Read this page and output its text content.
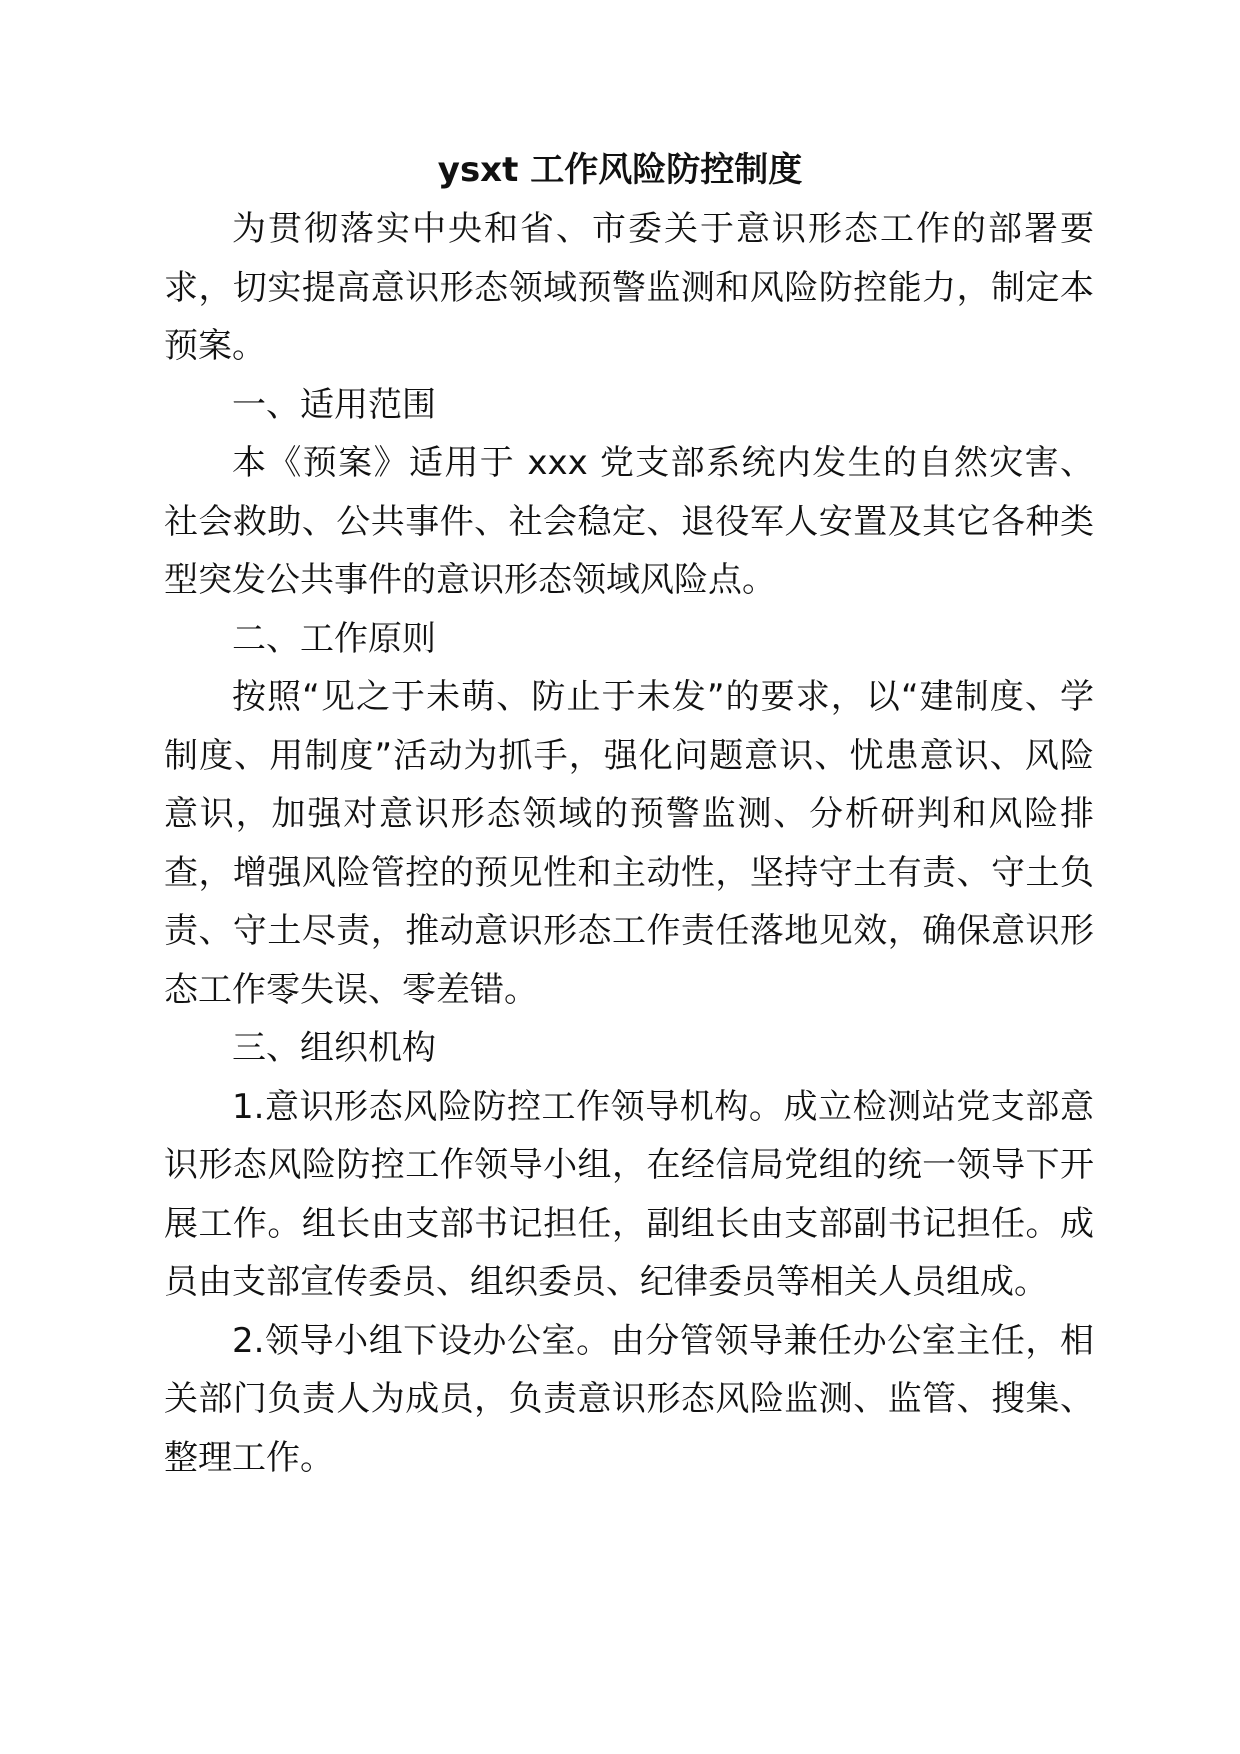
ysxt 工作风险防控制度

为贯彻落实中央和省、市委关于意识形态工作的部署要求，切实提高意识形态领域预警监测和风险防控能力，制定本预案。

一、适用范围

本《预案》适用于 xxx 党支部系统内发生的自然灾害、社会救助、公共事件、社会稳定、退役军人安置及其它各种类型突发公共事件的意识形态领域风险点。

二、工作原则

按照“见之于未萌、防止于未发”的要求，以“建制度、学制度、用制度”活动为抓手，强化问题意识、忧患意识、风险意识，加强对意识形态领域的预警监测、分析研判和风险排查，增强风险管控的预见性和主动性，坚持守土有责、守土负责、守土尽责，推动意识形态工作责任落地见效，确保意识形态工作零失误、零差错。

三、组织机构

1.意识形态风险防控工作领导机构。成立检测站党支部意识形态风险防控工作领导小组，在经信局党组的统一领导下开展工作。组长由支部书记担任，副组长由支部副书记担任。成员由支部宣传委员、组织委员、纪律委员等相关人员组成。

2.领导小组下设办公室。由分管领导兼任办公室主任，相关部门负责人为成员，负责意识形态风险监测、监管、搜集、整理工作。
